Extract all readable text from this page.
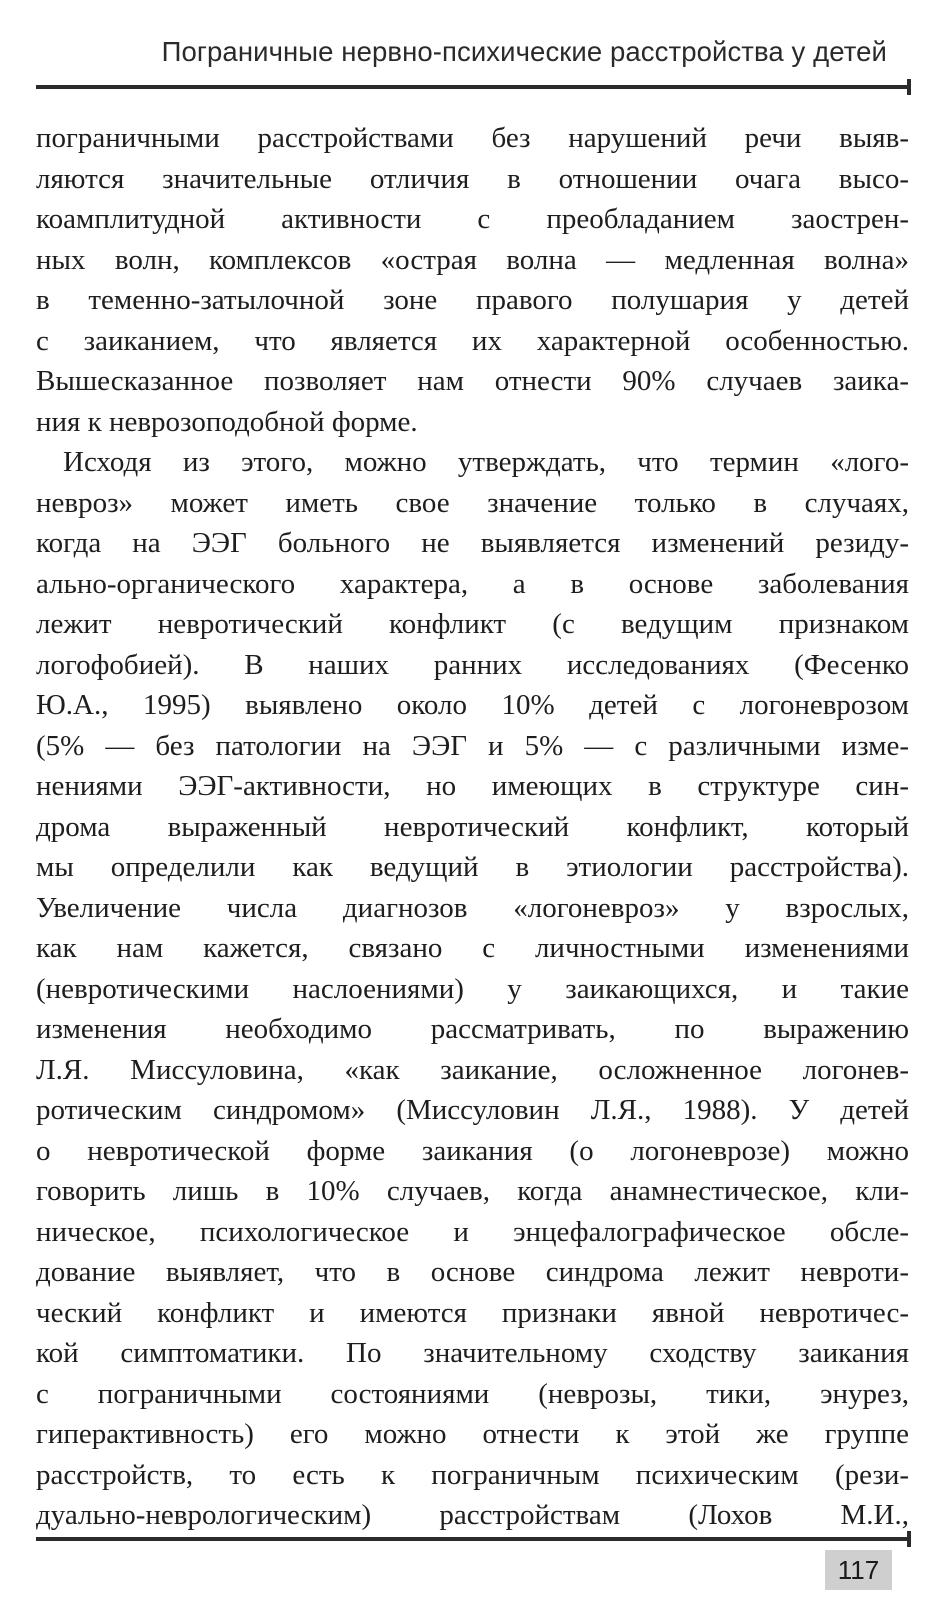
Пограничные нервно-психические расстройства у детей
пограничными расстройствами без нарушений речи выяв-
ляются значительные отличия в отношении очага высо-
коамплитудной активности с преобладанием заострен-
ных волн, комплексов «острая волна — медленная волна»
в теменно-затылочной зоне правого полушария у детей
с заиканием, что является их характерной особенностью.
Вышесказанное позволяет нам отнести 90% случаев заика-
ния к неврозоподобной форме.
Исходя из этого, можно утверждать, что термин «лого-
невроз» может иметь свое значение только в случаях,
когда на ЭЭГ больного не выявляется изменений резиду-
ально-органического характера, а в основе заболевания
лежит невротический конфликт (с ведущим признаком
логофобией). В наших ранних исследованиях (Фесенко
Ю.А., 1995) выявлено около 10% детей с логоневрозом
(5% — без патологии на ЭЭГ и 5% — с различными изме-
нениями ЭЭГ-активности, но имеющих в структуре син-
дрома выраженный невротический конфликт, который
мы определили как ведущий в этиологии расстройства).
Увеличение числа диагнозов «логоневроз» у взрослых,
как нам кажется, связано с личностными изменениями
(невротическими наслоениями) у заикающихся, и такие
изменения необходимо рассматривать, по выражению
Л.Я. Миссуловина, «как заикание, осложненное логонев-
ротическим синдромом» (Миссуловин Л.Я., 1988). У детей
о невротической форме заикания (о логоневрозе) можно
говорить лишь в 10% случаев, когда анамнестическое, кли-
ническое, психологическое и энцефалографическое обсле-
дование выявляет, что в основе синдрома лежит невроти-
ческий конфликт и имеются признаки явной невротичес-
кой симптоматики. По значительному сходству заикания
с пограничными состояниями (неврозы, тики, энурез,
гиперактивность) его можно отнести к этой же группе
расстройств, то есть к пограничным психическим (рези-
дуально-неврологическим) расстройствам (Лохов М.И.,
117
